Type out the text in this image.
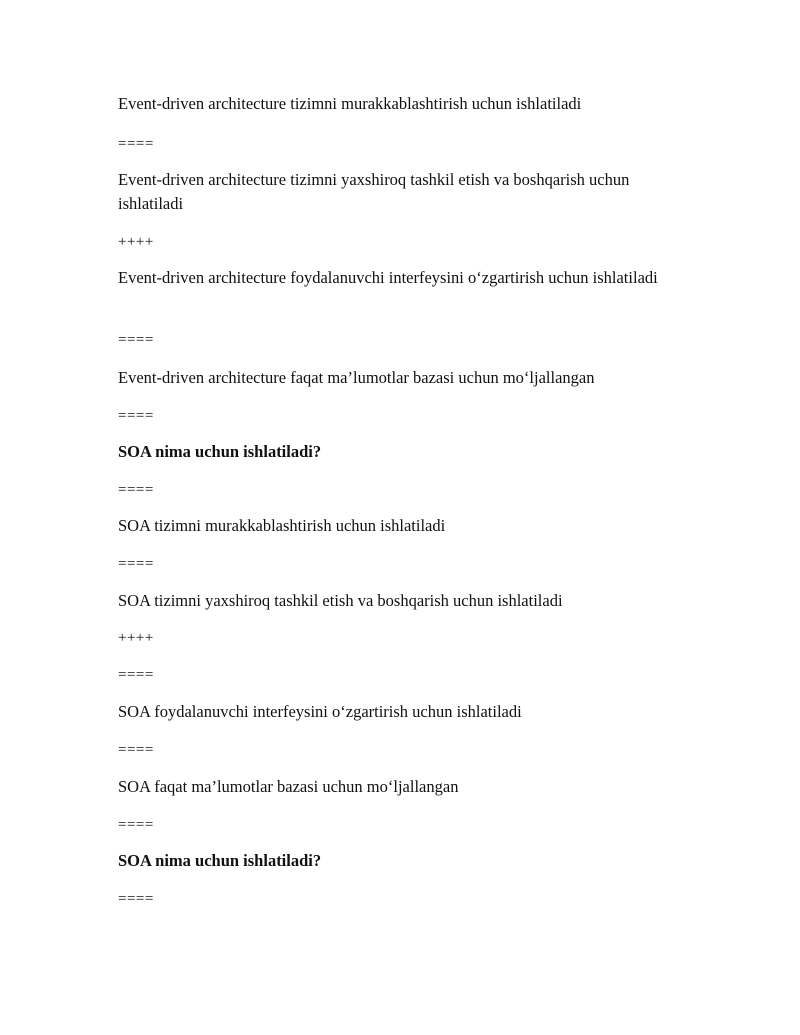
Event-driven architecture tizimni murakkablashtirish uchun ishlatiladi
====
Event-driven architecture tizimni yaxshiroq tashkil etish va boshqarish uchun ishlatiladi
++++
Event-driven architecture foydalanuvchi interfeysini o‘zgartirish uchun ishlatiladi
====
Event-driven architecture faqat ma’lumotlar bazasi uchun mo‘ljallangan
====
SOA nima uchun ishlatiladi?
====
SOA tizimni murakkablashtirish uchun ishlatiladi
====
SOA tizimni yaxshiroq tashkil etish va boshqarish uchun ishlatiladi
++++
====
SOA foydalanuvchi interfeysini o‘zgartirish uchun ishlatiladi
====
SOA faqat ma’lumotlar bazasi uchun mo‘ljallangan
====
SOA nima uchun ishlatiladi?
====
